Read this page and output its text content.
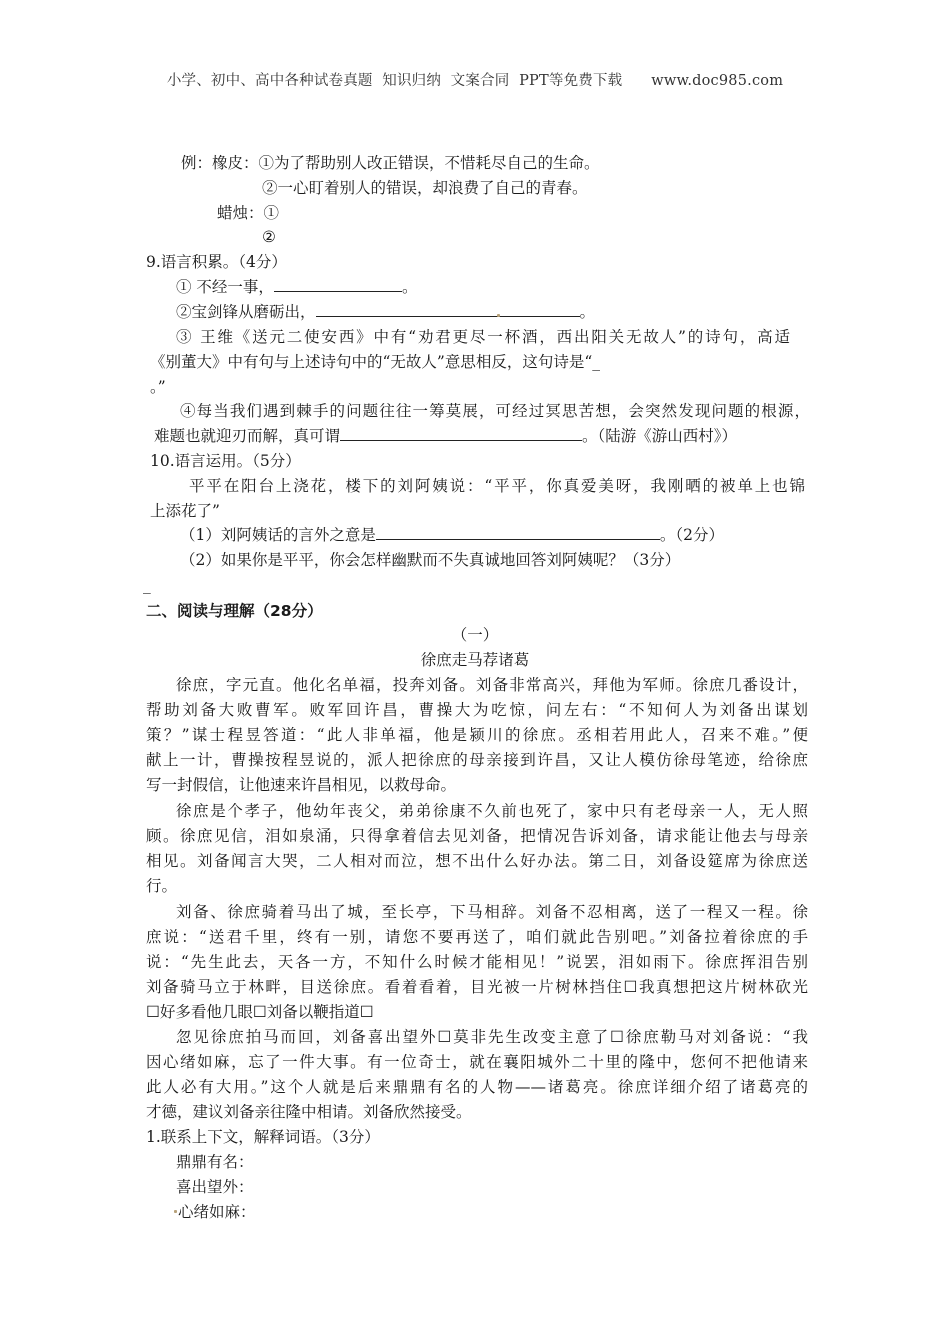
小学、初中、高中各种试卷真题  知识归纳  文案合同  PPT等免费下载      www.doc985.com
例：橡皮：①为了帮助别人改正错误，不惜耗尽自己的生命。
②一心盯着别人的错误，却浪费了自己的青春。
蜡烛：①
②
9.语言积累。（4分）
① 不经一事，	。
②宝剑锋从磨砺出，	。
③ 王维《送元二使安西》中有“劝君更尽一杯酒，西出阳关无故人”的诗句，高适
《别董大》中有句与上述诗句中的“无故人”意思相反，这句诗是“_
。”
④每当我们遇到棘手的问题往往一筹莫展，可经过冥思苦想，会突然发现问题的根源，
难题也就迎刃而解，真可谓	。（陆游《游山西村》）
10.语言运用。（5分）
平平在阳台上浇花，楼下的刘阿姨说：“平平，你真爱美呀，我刚晒的被单上也锦
上添花了”
（1）刘阿姨话的言外之意是	。（2分）
（2）如果你是平平，你会怎样幽默而不失真诚地回答刘阿姨呢？（3分）
_
二、阅读与理解（28分）
（一）
徐庶走马荐诸葛
徐庶，字元直。他化名单福，投奔刘备。刘备非常高兴，拜他为军师。徐庶几番设计，
帮助刘备大败曹军。败军回许昌，曹操大为吃惊，问左右：“不知何人为刘备出谋划
策？”谋士程昱答道：“此人非单福，他是颍川的徐庶。丞相若用此人，召来不难。”便
献上一计，曹操按程昱说的，派人把徐庶的母亲接到许昌，又让人模仿徐母笔迹，给徐庶
写一封假信，让他速来许昌相见，以救母命。
徐庶是个孝子，他幼年丧父，弟弟徐康不久前也死了，家中只有老母亲一人，无人照
顾。徐庶见信，泪如泉涌，只得拿着信去见刘备，把情况告诉刘备，请求能让他去与母亲
相见。刘备闻言大哭，二人相对而泣，想不出什么好办法。第二日，刘备设筵席为徐庶送
行。
刘备、徐庶骑着马出了城，至长亭，下马相辞。刘备不忍相离，送了一程又一程。徐
庶说：“送君千里，终有一别，请您不要再送了，咱们就此告别吧。”刘备拉着徐庶的手
说：“先生此去，天各一方，不知什么时候才能相见！”说罢，泪如雨下。徐庶挥泪告别
刘备骑马立于林畔，目送徐庶。看着看着，目光被一片树林挡住☐我真想把这片树林砍光
☐好多看他几眼☐刘备以鞭指道☐
忽见徐庶拍马而回，刘备喜出望外☐莫非先生改变主意了☐徐庶勒马对刘备说：“我
因心绪如麻，忘了一件大事。有一位奇士，就在襄阳城外二十里的隆中，您何不把他请来
此人必有大用。”这个人就是后来鼎鼎有名的人物——诸葛亮。徐庶详细介绍了诸葛亮的
才德，建议刘备亲往隆中相请。刘备欣然接受。
1.联系上下文，解释词语。（3分）
鼎鼎有名：
喜出望外：
心绪如麻：
